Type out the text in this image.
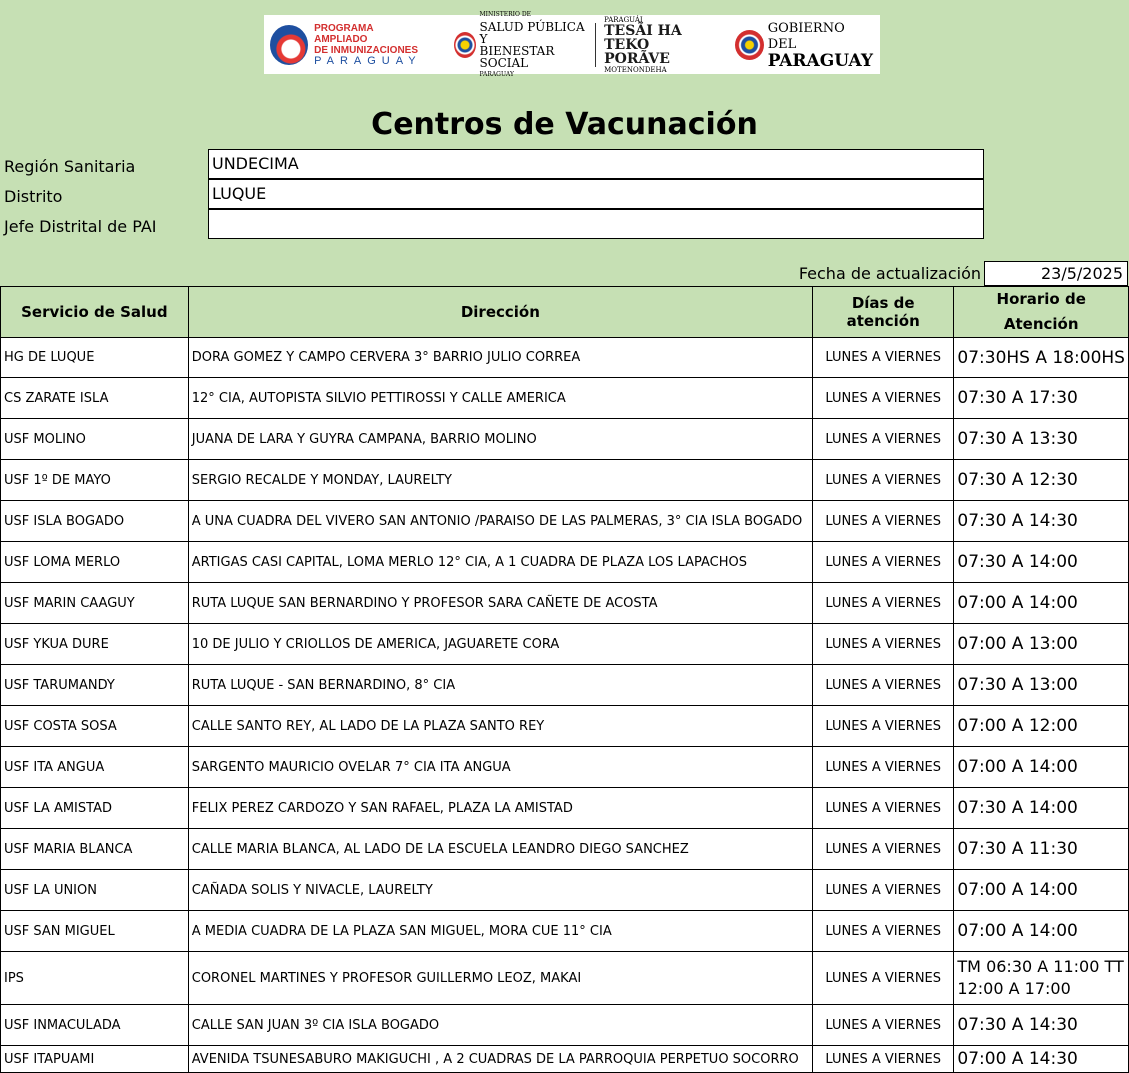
PROGRAMA AMPLIADO
DE INMUNIZACIONES
PARAGUAY
MINISTERIO DE
SALUD PÚBLICA Y
BIENESTAR SOCIAL
PARAGUAY
PARAGUÁI
TESÃI HA TEKO
PORÃVE
MOTENONDEHA
GOBIERNO DEL
PARAGUAY
Centros de Vacunación
Región Sanitaria	UNDECIMA
Distrito	LUQUE
Jefe Distrital de PAI
Fecha de actualización	23/5/2025
Servicio de Salud	Dirección	Días de atención	Horario de Atención
HG DE LUQUE	DORA GOMEZ Y CAMPO CERVERA 3° BARRIO JULIO CORREA	LUNES A VIERNES	07:30HS A 18:00HS
CS ZARATE ISLA	12° CIA, AUTOPISTA SILVIO PETTIROSSI Y CALLE AMERICA	LUNES A VIERNES	07:30 A 17:30
USF MOLINO	JUANA DE LARA Y GUYRA CAMPANA, BARRIO MOLINO	LUNES A VIERNES	07:30 A 13:30
USF 1º DE MAYO	SERGIO RECALDE Y MONDAY, LAURELTY	LUNES A VIERNES	07:30 A 12:30
USF ISLA BOGADO	A UNA CUADRA DEL VIVERO SAN ANTONIO /PARAISO DE LAS PALMERAS, 3° CIA ISLA BOGADO	LUNES A VIERNES	07:30 A 14:30
USF LOMA MERLO	ARTIGAS CASI CAPITAL, LOMA MERLO 12° CIA, A 1 CUADRA DE PLAZA LOS LAPACHOS	LUNES A VIERNES	07:30 A 14:00
USF MARIN CAAGUY	RUTA LUQUE SAN BERNARDINO Y PROFESOR SARA CAÑETE DE ACOSTA	LUNES A VIERNES	07:00 A 14:00
USF YKUA DURE	10 DE JULIO Y CRIOLLOS DE AMERICA, JAGUARETE CORA	LUNES A VIERNES	07:00 A 13:00
USF TARUMANDY	RUTA LUQUE - SAN BERNARDINO, 8° CIA	LUNES A VIERNES	07:30 A 13:00
USF COSTA SOSA	CALLE SANTO REY, AL LADO DE LA PLAZA SANTO REY	LUNES A VIERNES	07:00 A 12:00
USF ITA ANGUA	SARGENTO MAURICIO OVELAR 7° CIA ITA ANGUA	LUNES A VIERNES	07:00 A 14:00
USF LA AMISTAD	FELIX PEREZ CARDOZO Y SAN RAFAEL, PLAZA LA AMISTAD	LUNES A VIERNES	07:30 A 14:00
USF MARIA BLANCA	CALLE MARIA BLANCA, AL LADO DE LA ESCUELA LEANDRO DIEGO SANCHEZ	LUNES A VIERNES	07:30 A 11:30
USF LA UNION	CAÑADA SOLIS Y NIVACLE, LAURELTY	LUNES A VIERNES	07:00 A 14:00
USF SAN MIGUEL	A MEDIA CUADRA DE LA PLAZA SAN MIGUEL, MORA CUE 11° CIA	LUNES A VIERNES	07:00 A 14:00
IPS	CORONEL MARTINES Y PROFESOR GUILLERMO LEOZ, MAKAI	LUNES A VIERNES	TM 06:30 A 11:00 TT 12:00 A 17:00

USF INMACULADA	CALLE SAN JUAN 3º CIA ISLA BOGADO	LUNES A VIERNES	07:30 A 14:30
USF ITAPUAMI	AVENIDA TSUNESABURO MAKIGUCHI , A 2 CUADRAS DE LA PARROQUIA PERPETUO SOCORRO	LUNES A VIERNES	07:00 A 14:30
